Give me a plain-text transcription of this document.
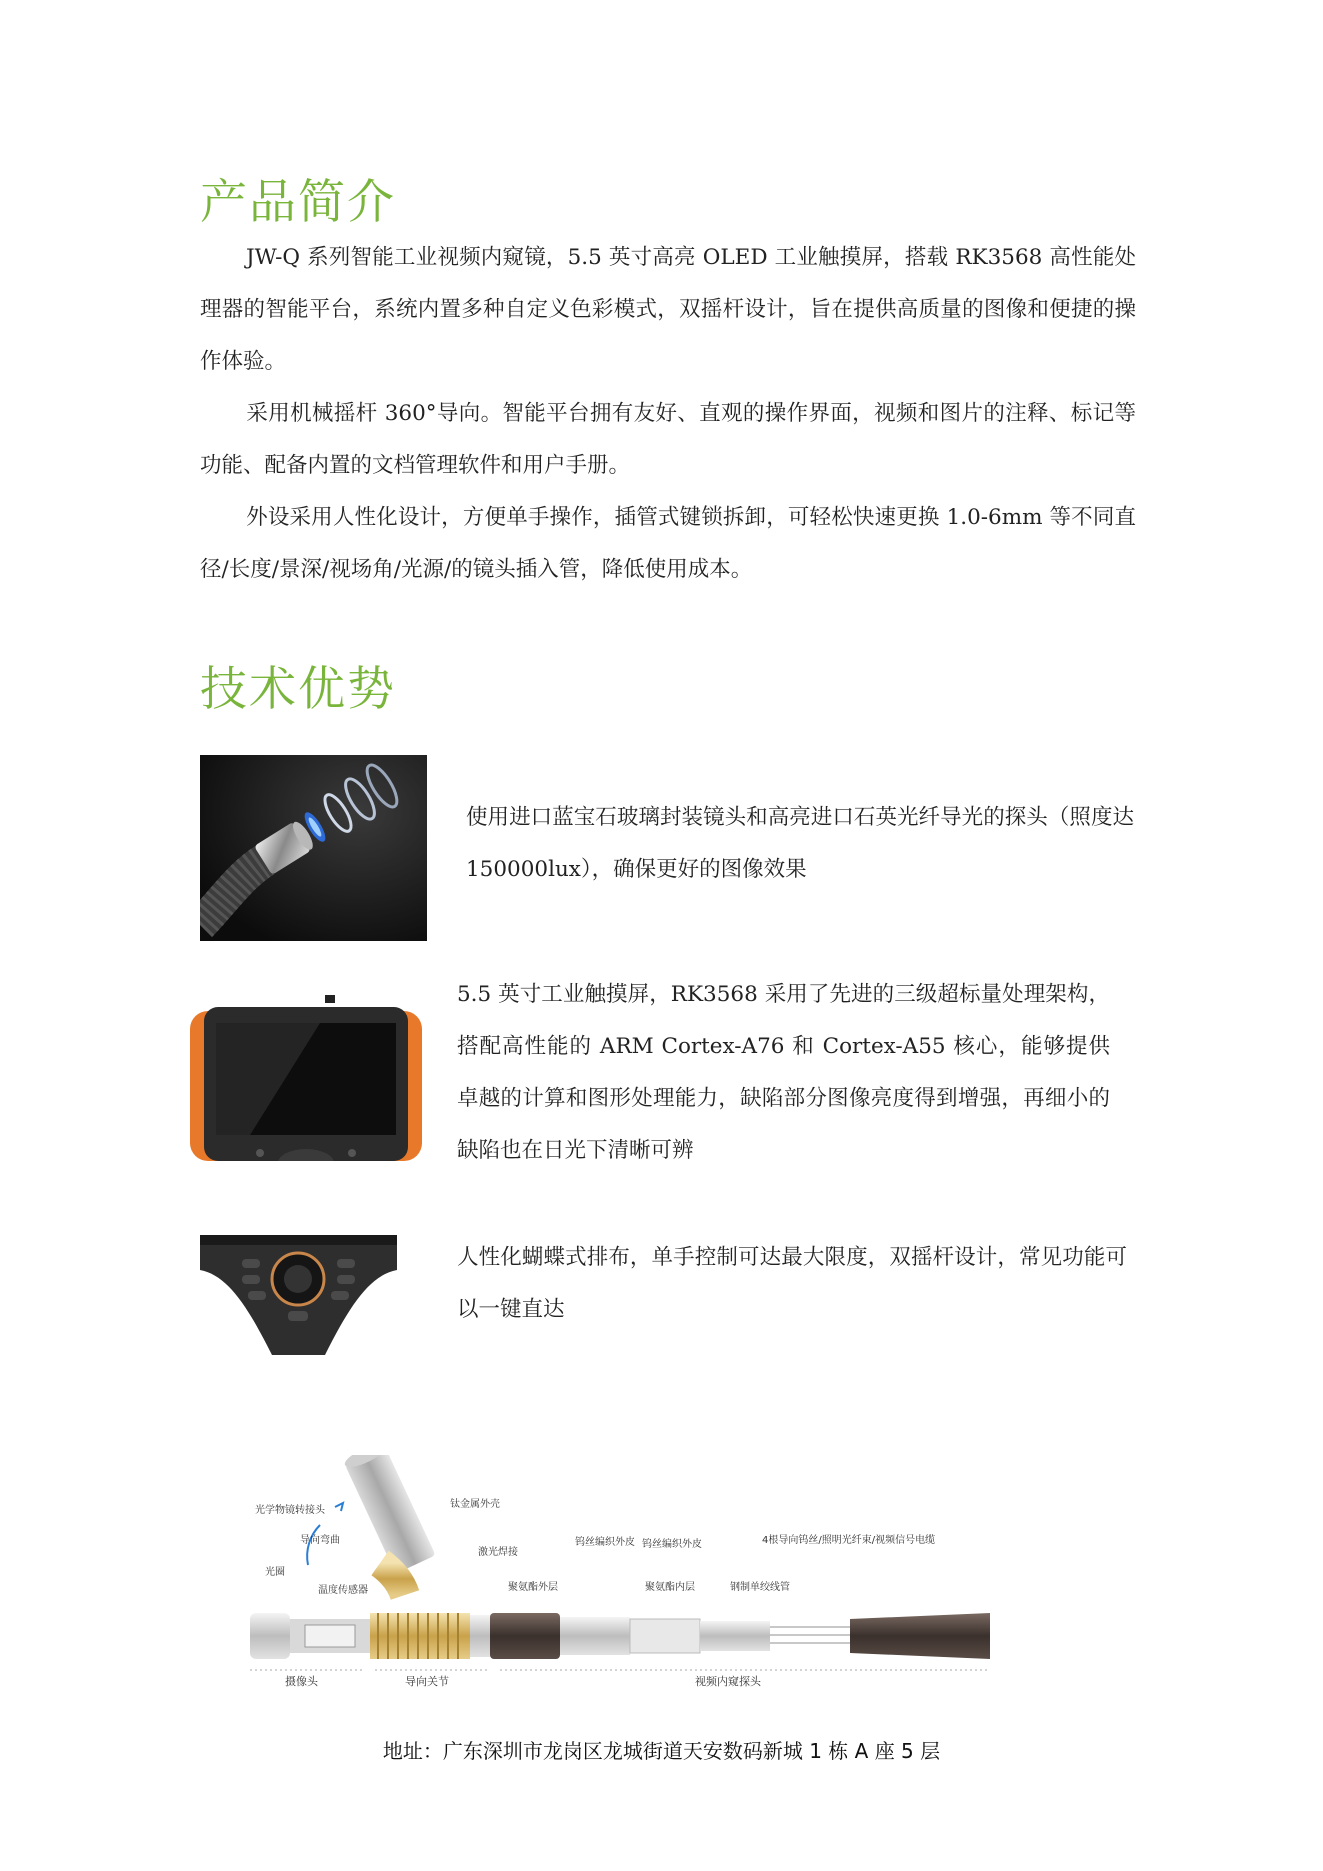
产品简介

JW-Q 系列智能工业视频内窥镜，5.5 英寸高亮 OLED 工业触摸屏，搭载 RK3568 高性能处理器的智能平台，系统内置多种自定义色彩模式，双摇杆设计，旨在提供高质量的图像和便捷的操作体验。

采用机械摇杆 360°导向。智能平台拥有友好、直观的操作界面，视频和图片的注释、标记等功能、配备内置的文档管理软件和用户手册。

外设采用人性化设计，方便单手操作，插管式键锁拆卸，可轻松快速更换 1.0-6mm 等不同直径/长度/景深/视场角/光源/的镜头插入管，降低使用成本。

技术优势

使用进口蓝宝石玻璃封装镜头和高亮进口石英光纤导光的探头（照度达 150000lux），确保更好的图像效果

5.5 英寸工业触摸屏，RK3568 采用了先进的三级超标量处理架构，搭配高性能的 ARM Cortex-A76 和 Cortex-A55 核心，能够提供卓越的计算和图形处理能力，缺陷部分图像亮度得到增强，再细小的缺陷也在日光下清晰可辨

人性化蝴蝶式排布，单手控制可达最大限度，双摇杆设计，常见功能可以一键直达

光学物镜转接头
导向弯曲
光圈
温度传感器
钛金属外壳
激光焊接
钨丝编织外皮
聚氨酯外层
钨丝编织外皮
聚氨酯内层
4根导向钨丝/照明光纤束/视频信号电缆
钢制单绞线管
摄像头	导向关节	视频内窥探头
地址：广东深圳市龙岗区龙城街道天安数码新城 1 栋 A 座 5 层
